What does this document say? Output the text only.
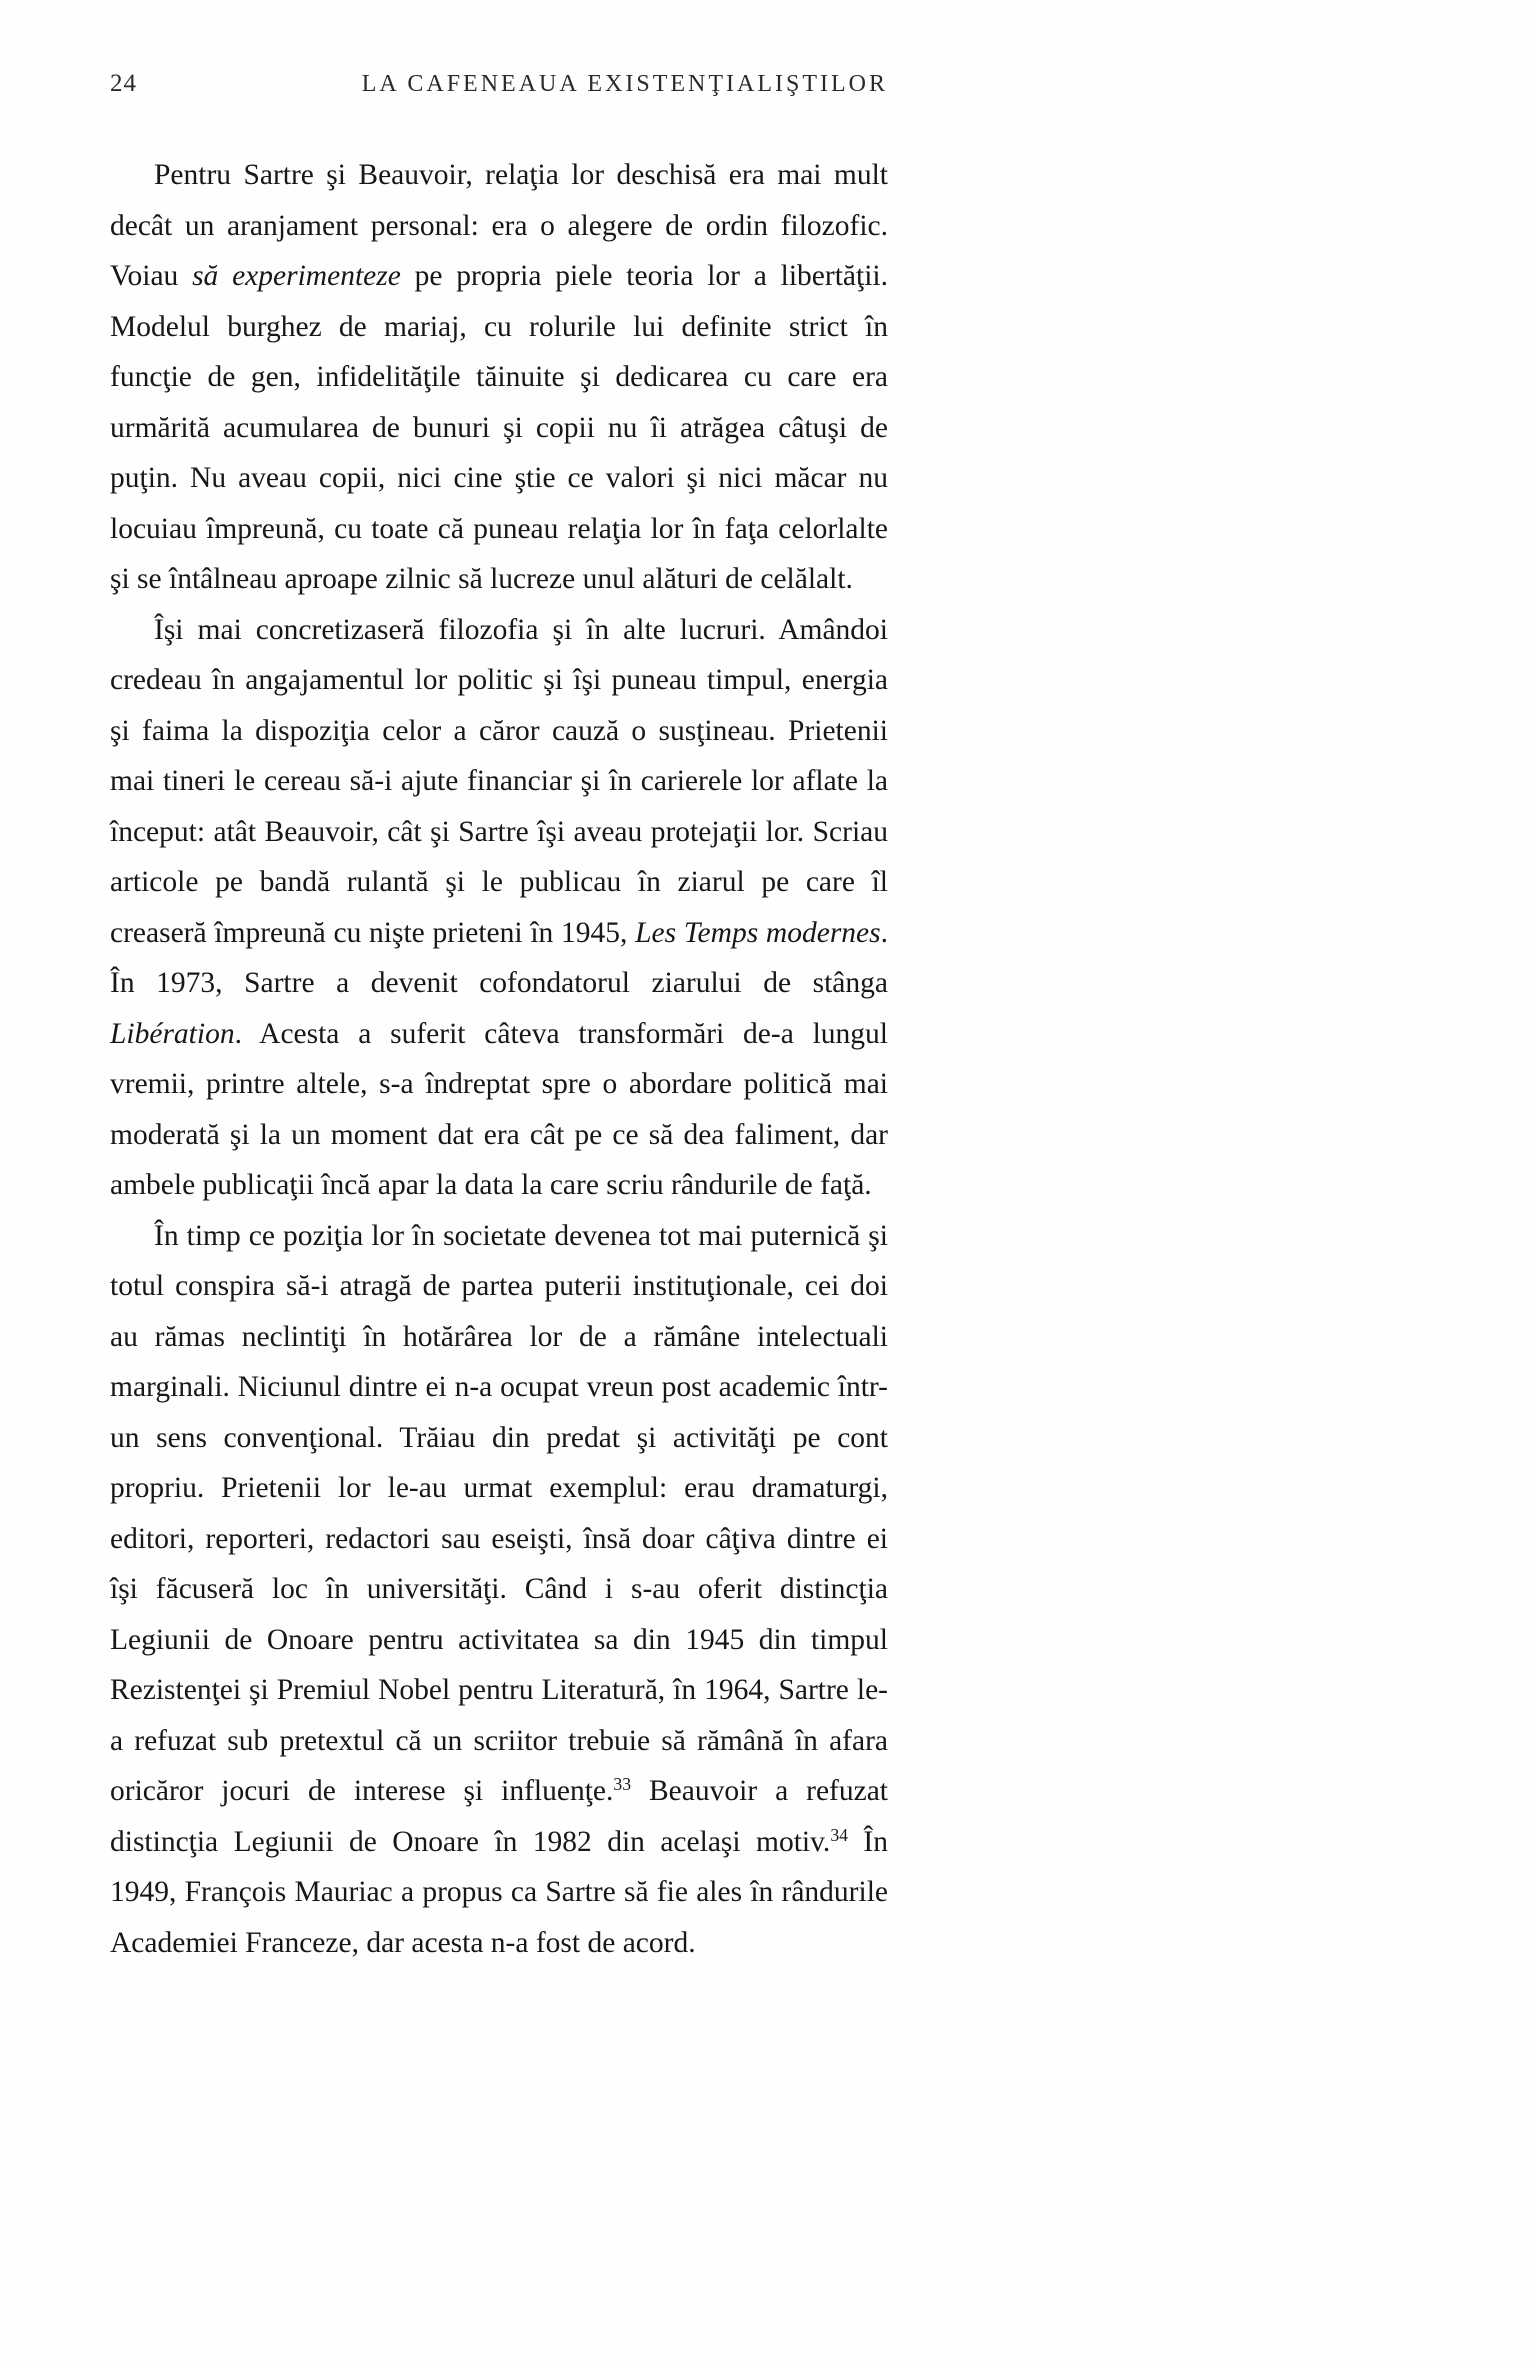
24	LA CAFENEAUA EXISTENŢIALIŞTILOR

Pentru Sartre şi Beauvoir, relaţia lor deschisă era mai mult decât un aranjament personal: era o alegere de ordin filozofic. Voiau să experimenteze pe propria piele teoria lor a libertăţii. Modelul burghez de mariaj, cu rolurile lui definite strict în funcţie de gen, infidelităţile tăinuite şi dedicarea cu care era urmărită acumularea de bunuri şi copii nu îi atrăgea câtuşi de puţin. Nu aveau copii, nici cine ştie ce valori şi nici măcar nu locuiau împreună, cu toate că puneau relaţia lor în faţa celorlalte şi se întâlneau aproape zilnic să lucreze unul alături de celălalt.

Îşi mai concretizaseră filozofia şi în alte lucruri. Amândoi credeau în angajamentul lor politic şi îşi puneau timpul, energia şi faima la dispoziţia celor a căror cauză o susţineau. Prietenii mai tineri le cereau să-i ajute financiar şi în carierele lor aflate la început: atât Beauvoir, cât şi Sartre îşi aveau protejaţii lor. Scriau articole pe bandă rulantă şi le publicau în ziarul pe care îl creaseră împreună cu nişte prieteni în 1945, Les Temps modernes. În 1973, Sartre a devenit cofondatorul ziarului de stânga Libération. Acesta a suferit câteva transformări de-a lungul vremii, printre altele, s-a îndreptat spre o abordare politică mai moderată şi la un moment dat era cât pe ce să dea faliment, dar ambele publicaţii încă apar la data la care scriu rândurile de faţă.

În timp ce poziţia lor în societate devenea tot mai puternică şi totul conspira să-i atragă de partea puterii instituţionale, cei doi au rămas neclintiţi în hotărârea lor de a rămâne intelectuali marginali. Niciunul dintre ei n-a ocupat vreun post academic într-un sens convenţional. Trăiau din predat şi activităţi pe cont propriu. Prietenii lor le-au urmat exemplul: erau dramaturgi, editori, reporteri, redactori sau eseişti, însă doar câţiva dintre ei îşi făcuseră loc în universităţi. Când i s-au oferit distincţia Legiunii de Onoare pentru activitatea sa din 1945 din timpul Rezistenţei şi Premiul Nobel pentru Literatură, în 1964, Sartre le-a refuzat sub pretextul că un scriitor trebuie să rămână în afara oricăror jocuri de interese şi influenţe.$^{33}$ Beauvoir a refuzat distincţia Legiunii de Onoare în 1982 din acelaşi motiv.$^{34}$ În 1949, François Mauriac a propus ca Sartre să fie ales în rândurile Academiei Franceze, dar acesta n-a fost de acord.
